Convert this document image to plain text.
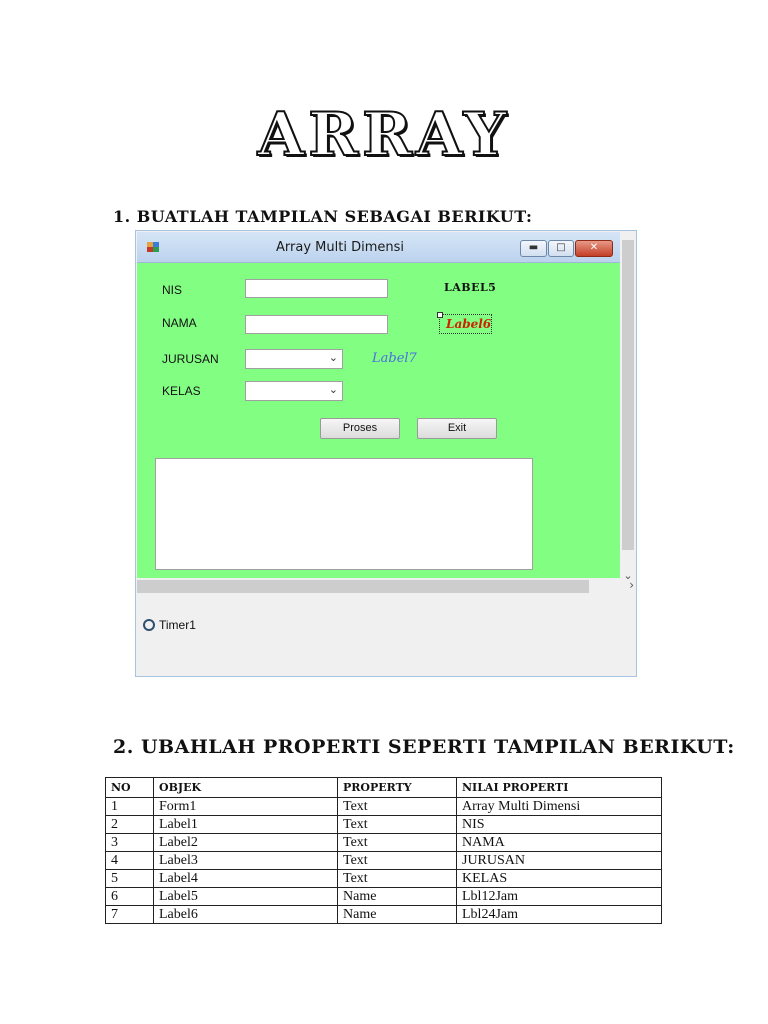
ARRAY
1. BUATLAH TAMPILAN SEBAGAI BERIKUT:
Array Multi Dimensi	▬	□	✕
NIS
NAMA
JURUSAN
KELAS
⌄
⌄
LABEL5
Label6
Label7
Proses	Exit
⌄
›
Timer1
2. UBAHLAH PROPERTI SEPERTI TAMPILAN BERIKUT:
NO	OBJEK	PROPERTY	NILAI PROPERTI
1	Form1	Text	Array Multi Dimensi
2	Label1	Text	NIS
3	Label2	Text	NAMA
4	Label3	Text	JURUSAN
5	Label4	Text	KELAS
6	Label5	Name	Lbl12Jam
7	Label6	Name	Lbl24Jam
